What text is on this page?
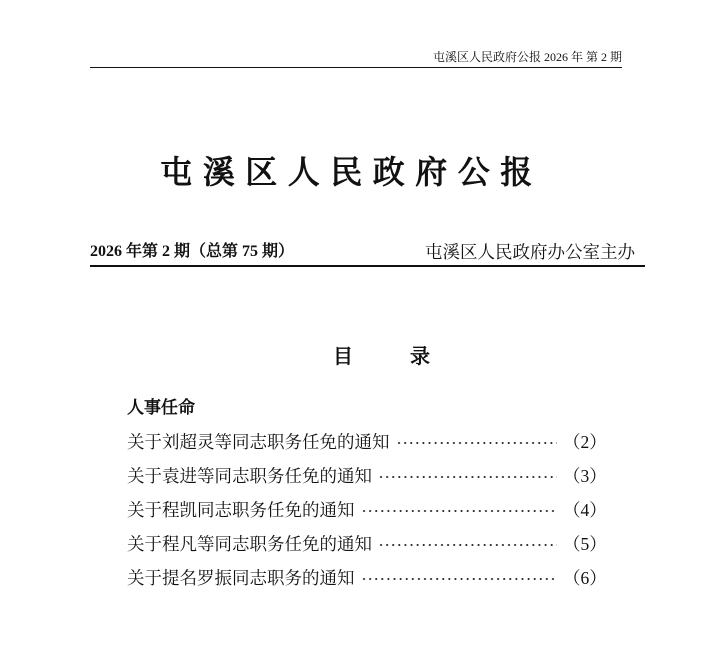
屯溪区人民政府公报 2026 年 第 2 期
屯溪区人民政府公报
2026 年第 2 期（总第 75 期）	屯溪区人民政府办公室主办
目录
人事任命
关于刘超灵等同志职务任免的通知	（2）
关于袁进等同志职务任免的通知	（3）
关于程凯同志职务任免的通知	（4）
关于程凡等同志职务任免的通知	（5）
关于提名罗振同志职务的通知	（6）
